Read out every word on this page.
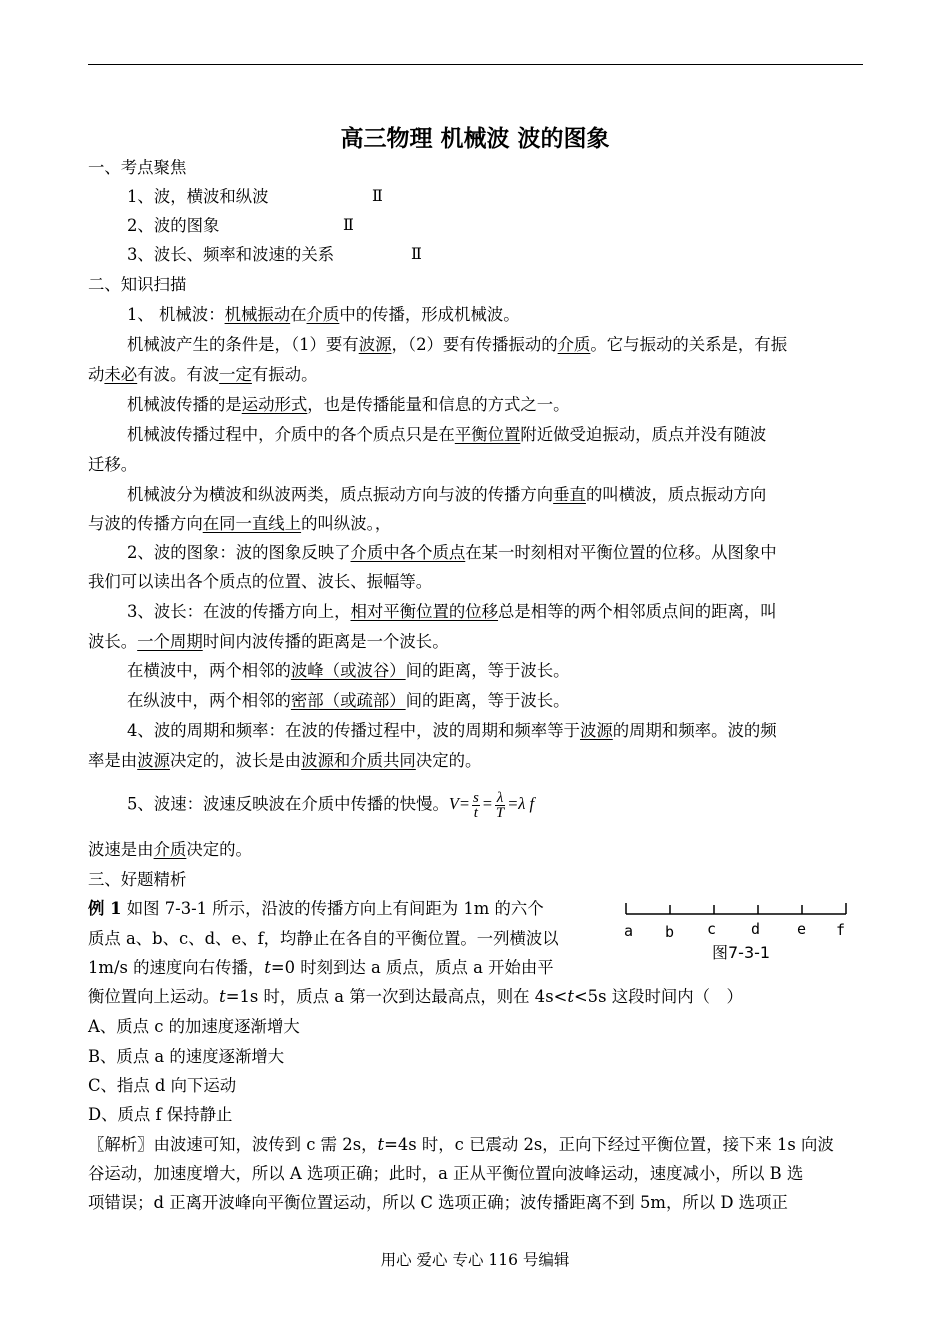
高三物理 机械波 波的图象
一、考点聚焦
1、波，横波和纵波	Ⅱ
2、波的图象	Ⅱ
3、波长、频率和波速的关系	Ⅱ
二、知识扫描
1、 机械波：机械振动在介质中的传播，形成机械波。
机械波产生的条件是，（1）要有波源，（2）要有传播振动的介质。它与振动的关系是，有振
动未必有波。有波一定有振动。
机械波传播的是运动形式，也是传播能量和信息的方式之一。
机械波传播过程中，介质中的各个质点只是在平衡位置附近做受迫振动，质点并没有随波
迁移。
机械波分为横波和纵波两类，质点振动方向与波的传播方向垂直的叫横波，质点振动方向
与波的传播方向在同一直线上的叫纵波。，
2、波的图象：波的图象反映了介质中各个质点在某一时刻相对平衡位置的位移。从图象中
我们可以读出各个质点的位置、波长、振幅等。
3、波长：在波的传播方向上，相对平衡位置的位移总是相等的两个相邻质点间的距离，叫
波长。一个周期时间内波传播的距离是一个波长。
在横波中，两个相邻的波峰（或波谷）间的距离，等于波长。
在纵波中，两个相邻的密部（或疏部）间的距离，等于波长。
4、波的周期和频率：在波的传播过程中，波的周期和频率等于波源的周期和频率。波的频
率是由波源决定的，波长是由波源和介质共同决定的。
5、波速：波速反映波在介质中传播的快慢。$V= \frac{s}{t} = \frac{\lambda}{T} =\lambda$ f
波速是由介质决定的。
三、好题精析
例 1 如图 7-3-1 所示，沿波的传播方向上有间距为 1m 的六个
质点 a、b、c、d、e、f，均静止在各自的平衡位置。一列横波以
1m/s 的速度向右传播，t=0 时刻到达 a 质点，质点 a 开始由平
衡位置向上运动。t=1s 时，质点 a 第一次到达最高点，则在 4s<t<5s 这段时间内（　）
A、质点 c 的加速度逐渐增大
B、质点 a 的速度逐渐增大
C、指点 d 向下运动
D、质点 f 保持静止
〖解析〗由波速可知，波传到 c 需 2s，t=4s 时，c 已震动 2s，正向下经过平衡位置，接下来 1s 向波
谷运动，加速度增大，所以 A 选项正确；此时，a 正从平衡位置向波峰运动，速度减小，所以 B 选
项错误；d 正离开波峰向平衡位置运动，所以 C 选项正确；波传播距离不到 5m，所以 D 选项正
a b c d e f
图7-3-1
用心 爱心 专心 116 号编辑
